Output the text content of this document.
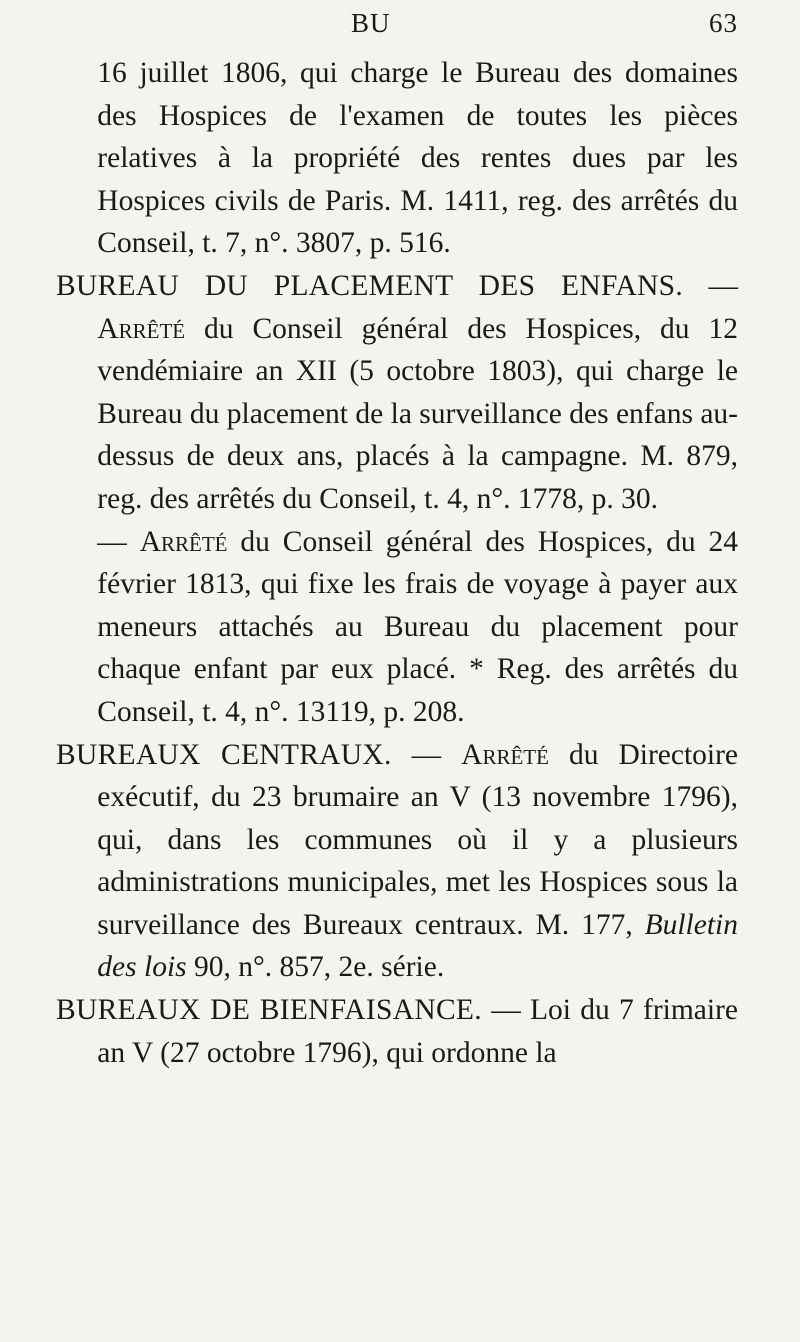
BU	63

16 juillet 1806, qui charge le Bureau des domaines des Hospices de l'examen de toutes les pièces relatives à la propriété des rentes dues par les Hospices civils de Paris. M. 1411, reg. des arrêtés du Conseil, t. 7, n°. 3807, p. 516.

BUREAU DU PLACEMENT DES ENFANS. — Arrêté du Conseil général des Hospices, du 12 vendémiaire an XII (5 octobre 1803), qui charge le Bureau du placement de la surveillance des enfans au-dessus de deux ans, placés à la campagne. M. 879, reg. des arrêtés du Conseil, t. 4, n°. 1778, p. 30.

— Arrêté du Conseil général des Hospices, du 24 février 1813, qui fixe les frais de voyage à payer aux meneurs attachés au Bureau du placement pour chaque enfant par eux placé. * Reg. des arrêtés du Conseil, t. 4, n°. 13119, p. 208.

BUREAUX CENTRAUX. — Arrêté du Directoire exécutif, du 23 brumaire an V (13 novembre 1796), qui, dans les communes où il y a plusieurs administrations municipales, met les Hospices sous la surveillance des Bureaux centraux. M. 177, Bulletin des lois 90, n°. 857, 2e. série.

BUREAUX DE BIENFAISANCE. — Loi du 7 frimaire an V (27 octobre 1796), qui ordonne la
